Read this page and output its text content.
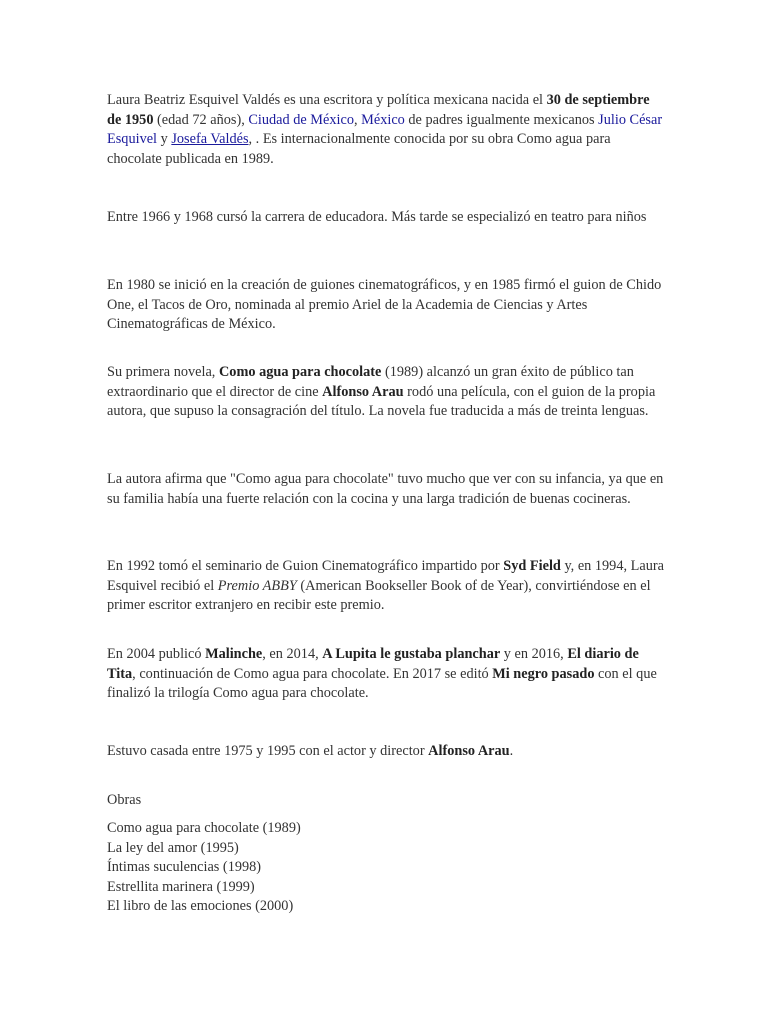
Laura Beatriz Esquivel Valdés es una escritora y política mexicana nacida el 30 de septiembre de 1950 (edad 72 años), Ciudad de México, México de padres igualmente mexicanos Julio César Esquivel y Josefa Valdés, . Es internacionalmente conocida por su obra Como agua para chocolate publicada en 1989.

Entre 1966 y 1968 cursó la carrera de educadora. Más tarde se especializó en teatro para niños

En 1980 se inició en la creación de guiones cinematográficos, y en 1985 firmó el guion de Chido One, el Tacos de Oro, nominada al premio Ariel de la Academia de Ciencias y Artes Cinematográficas de México.

Su primera novela, Como agua para chocolate (1989) alcanzó un gran éxito de público tan extraordinario que el director de cine Alfonso Arau rodó una película, con el guion de la propia autora, que supuso la consagración del título. La novela fue traducida a más de treinta lenguas.

La autora afirma que "Como agua para chocolate" tuvo mucho que ver con su infancia, ya que en su familia había una fuerte relación con la cocina y una larga tradición de buenas cocineras.

En 1992 tomó el seminario de Guion Cinematográfico impartido por Syd Field y, en 1994, Laura Esquivel recibió el Premio ABBY (American Bookseller Book of de Year), convirtiéndose en el primer escritor extranjero en recibir este premio.

En 2004 publicó Malinche, en 2014, A Lupita le gustaba planchar y en 2016, El diario de Tita, continuación de Como agua para chocolate. En 2017 se editó Mi negro pasado con el que finalizó la trilogía Como agua para chocolate.

Estuvo casada entre 1975 y 1995 con el actor y director Alfonso Arau.

Obras
Como agua para chocolate (1989)
La ley del amor (1995)
Íntimas suculencias (1998)
Estrellita marinera (1999)
El libro de las emociones (2000)
